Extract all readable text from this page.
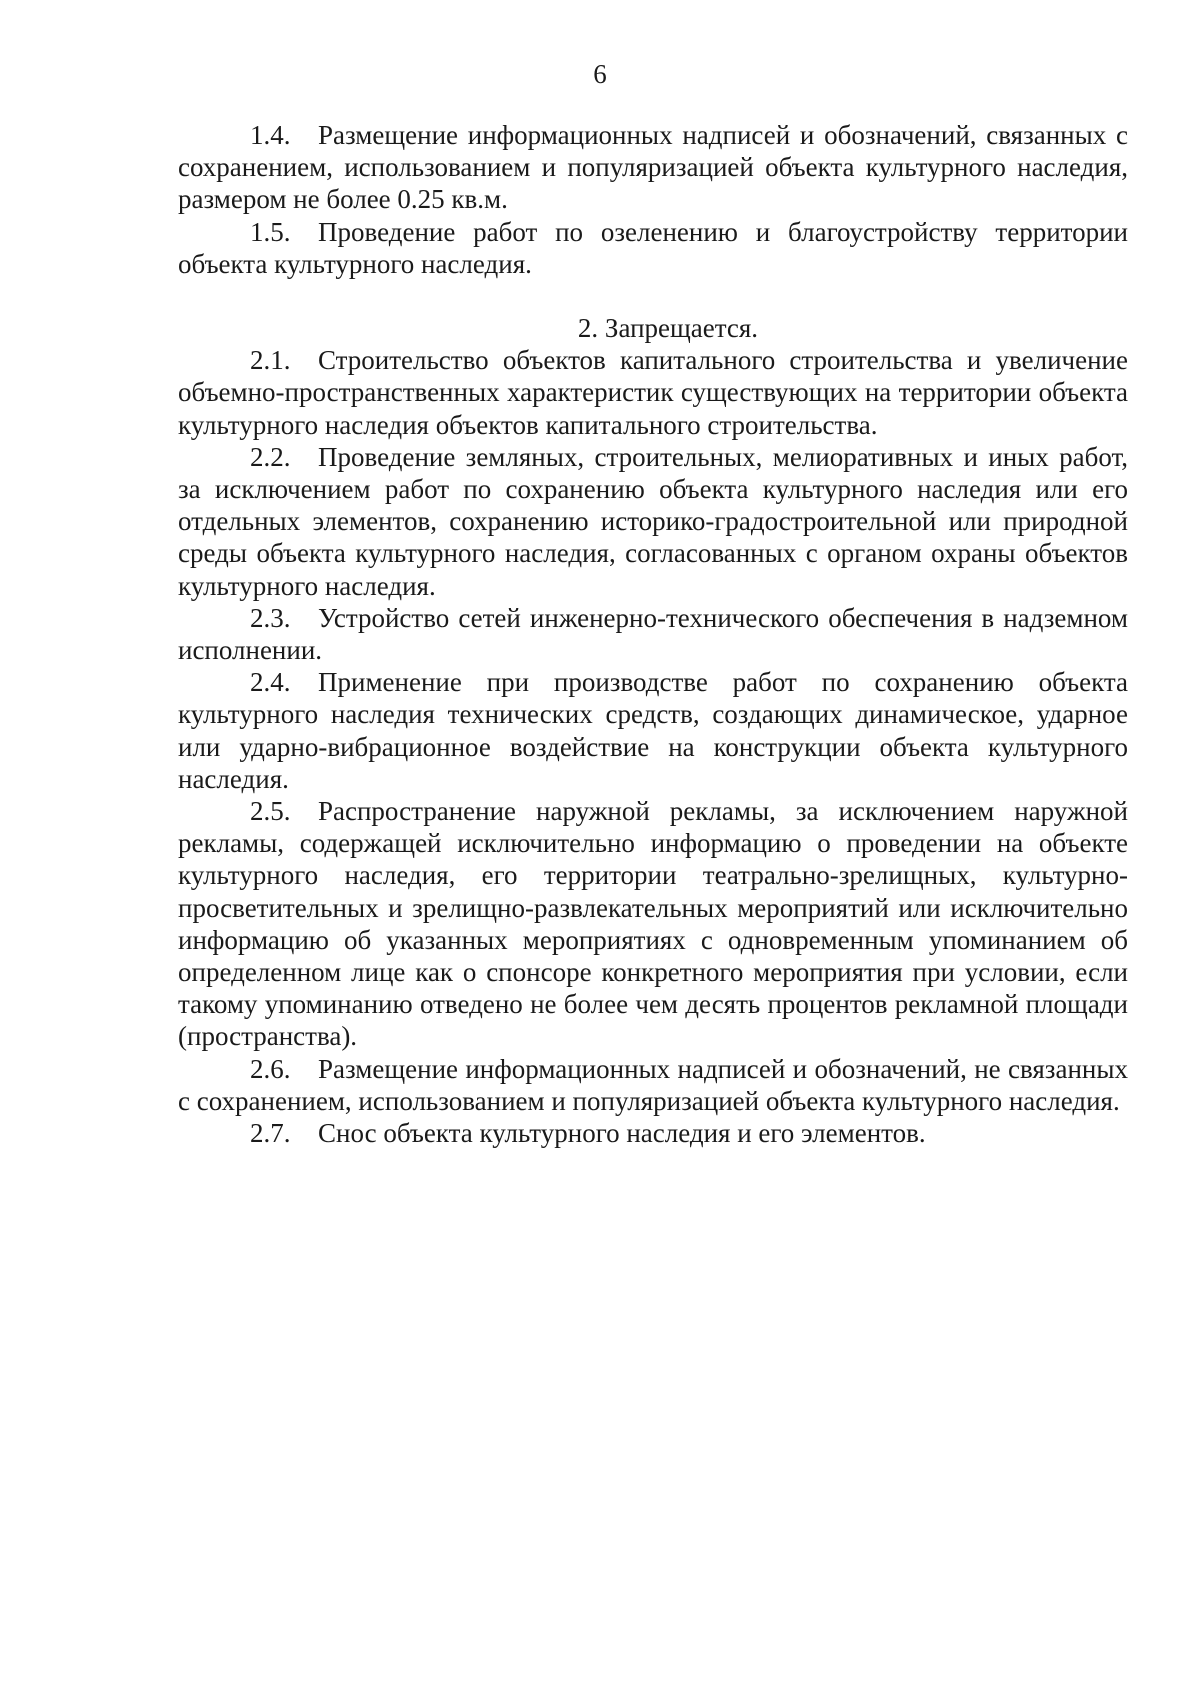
6

1.4. Размещение информационных надписей и обозначений, связанных с сохранением, использованием и популяризацией объекта культурного наследия, размером не более 0.25 кв.м.

1.5. Проведение работ по озеленению и благоустройству территории объекта культурного наследия.

2. Запрещается.

2.1. Строительство объектов капитального строительства и увеличение объемно-пространственных характеристик существующих на территории объекта культурного наследия объектов капитального строительства.

2.2. Проведение земляных, строительных, мелиоративных и иных работ, за исключением работ по сохранению объекта культурного наследия или его отдельных элементов, сохранению историко-градостроительной или природной среды объекта культурного наследия, согласованных с органом охраны объектов культурного наследия.

2.3. Устройство сетей инженерно-технического обеспечения в надземном исполнении.

2.4. Применение при производстве работ по сохранению объекта культурного наследия технических средств, создающих динамическое, ударное или ударно-вибрационное воздействие на конструкции объекта культурного наследия.

2.5. Распространение наружной рекламы, за исключением наружной рекламы, содержащей исключительно информацию о проведении на объекте культурного наследия, его территории театрально-зрелищных, культурно-просветительных и зрелищно-развлекательных мероприятий или исключительно информацию об указанных мероприятиях с одновременным упоминанием об определенном лице как о спонсоре конкретного мероприятия при условии, если такому упоминанию отведено не более чем десять процентов рекламной площади (пространства).

2.6. Размещение информационных надписей и обозначений, не связанных с сохранением, использованием и популяризацией объекта культурного наследия.

2.7. Снос объекта культурного наследия и его элементов.
